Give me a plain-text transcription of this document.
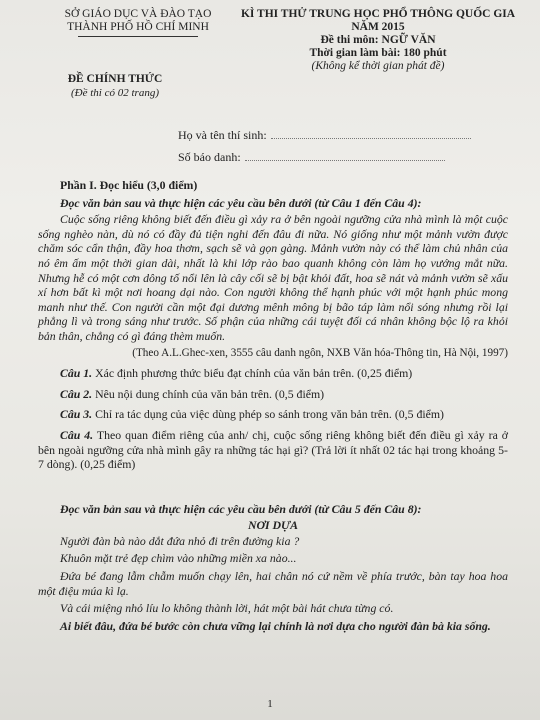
SỞ GIÁO DỤC VÀ ĐÀO TẠO
THÀNH PHỐ HỒ CHÍ MINH
KÌ THI THỬ TRUNG HỌC PHỔ THÔNG QUỐC GIA NĂM 2015
Đề thi môn: NGỮ VĂN
Thời gian làm bài: 180 phút
(Không kể thời gian phát đề)
ĐỀ CHÍNH THỨC
(Đề thi có 02 trang)
Họ và tên thí sinh:
Số báo danh:
Phần I. Đọc hiểu (3,0 điểm)
Đọc văn bản sau và thực hiện các yêu cầu bên dưới (từ Câu 1 đến Câu 4):

Cuộc sống riêng không biết đến điều gì xảy ra ở bên ngoài ngưỡng cửa nhà mình là một cuộc sống nghèo nàn, dù nó có đầy đủ tiện nghi đến đâu đi nữa. Nó giống như một mảnh vườn được chăm sóc cẩn thận, đầy hoa thơm, sạch sẽ và gọn gàng. Mảnh vườn này có thể làm chủ nhân của nó êm ấm một thời gian dài, nhất là khi lớp rào bao quanh không còn làm họ vướng mắt nữa. Nhưng hễ có một cơn dông tố nổi lên là cây cối sẽ bị bật khỏi đất, hoa sẽ nát và mảnh vườn sẽ xấu xí hơn bất kì một nơi hoang dại nào. Con người không thể hạnh phúc với một hạnh phúc mong manh như thế. Con người cần một đại dương mênh mông bị bão táp làm nổi sóng nhưng rồi lại phẳng lì và trong sáng như trước. Số phận của những cái tuyệt đối cá nhân không bộc lộ ra khỏi bản thân, chẳng có gì đáng thèm muốn.

(Theo A.L.Ghec-xen, 3555 câu danh ngôn, NXB Văn hóa-Thông tin, Hà Nội, 1997)

Câu 1. Xác định phương thức biểu đạt chính của văn bản trên. (0,25 điểm)

Câu 2. Nêu nội dung chính của văn bản trên. (0,5 điểm)

Câu 3. Chỉ ra tác dụng của việc dùng phép so sánh trong văn bản trên. (0,5 điểm)

Câu 4. Theo quan điểm riêng của anh/ chị, cuộc sống riêng không biết đến điều gì xảy ra ở bên ngoài ngưỡng cửa nhà mình gây ra những tác hại gì? (Trả lời ít nhất 02 tác hại trong khoảng 5-7 dòng). (0,25 điểm)

Đọc văn bản sau và thực hiện các yêu cầu bên dưới (từ Câu 5 đến Câu 8):
NƠI DỰA

Người đàn bà nào dắt đứa nhỏ đi trên đường kia ?

Khuôn mặt trẻ đẹp chìm vào những miền xa nào...

Đứa bé đang lẫm chẫm muốn chạy lên, hai chân nó cứ nềm về phía trước, bàn tay hoa hoa một điệu múa kì lạ.

Và cái miệng nhỏ líu lo không thành lời, hát một bài hát chưa từng có.

Ai biết đâu, đứa bé bước còn chưa vững lại chính là nơi dựa cho người đàn bà kia sống.

1
